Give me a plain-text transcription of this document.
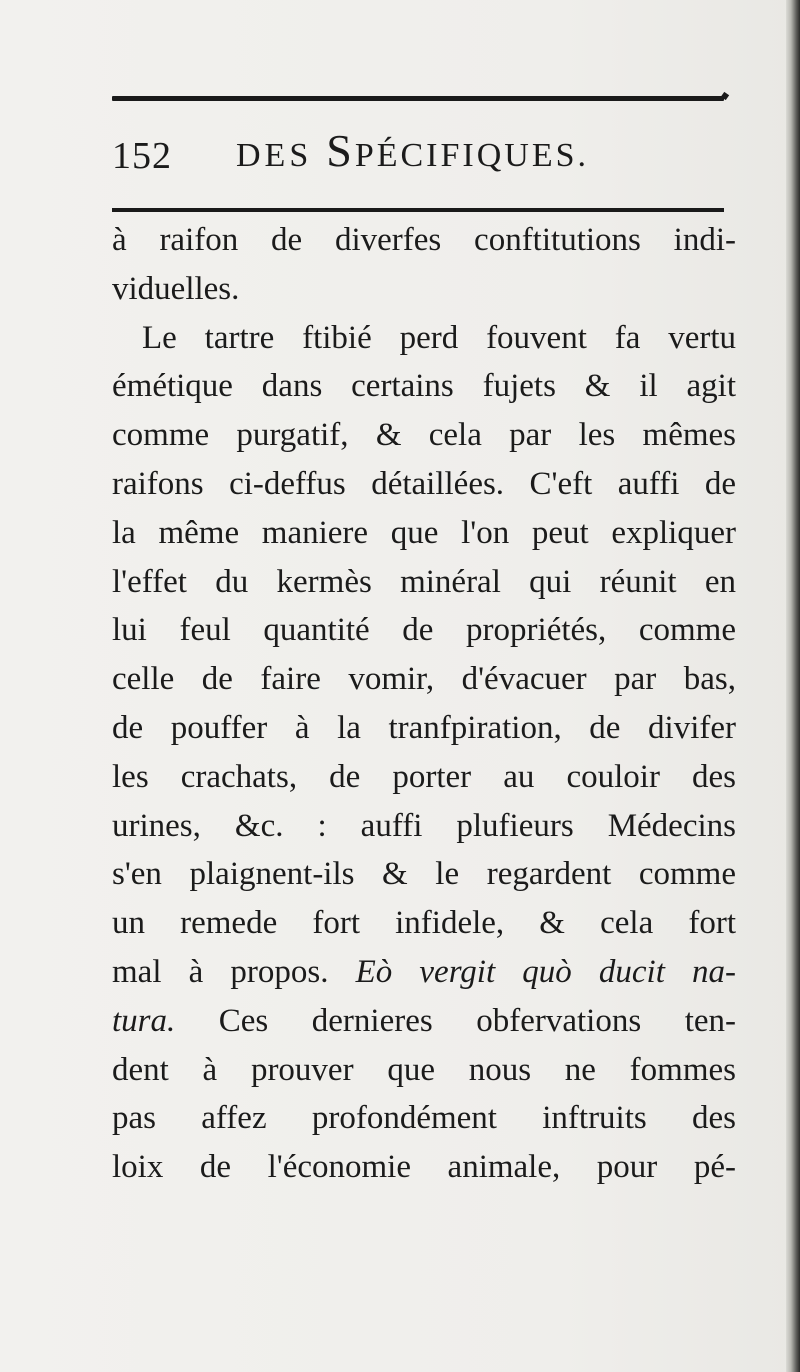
152 DES SPÉCIFIQUES.
à raifon de diverfes conftitutions indi-
viduelles.
Le tartre ftibié perd fouvent fa vertu
émétique dans certains fujets & il agit
comme purgatif, & cela par les mêmes
raifons ci-deffus détaillées. C'eft auffi de
la même maniere que l'on peut expliquer
l'effet du kermès minéral qui réunit en
lui feul quantité de propriétés, comme
celle de faire vomir, d'évacuer par bas,
de pouffer à la tranfpiration, de divifer
les crachats, de porter au couloir des
urines, &c. : auffi plufieurs Médecins
s'en plaignent-ils & le regardent comme
un remede fort infidele, & cela fort
mal à propos. Eò vergit quò ducit na-
tura. Ces dernieres obfervations ten-
dent à prouver que nous ne fommes
pas affez profondément inftruits des
loix de l'économie animale, pour pé-
